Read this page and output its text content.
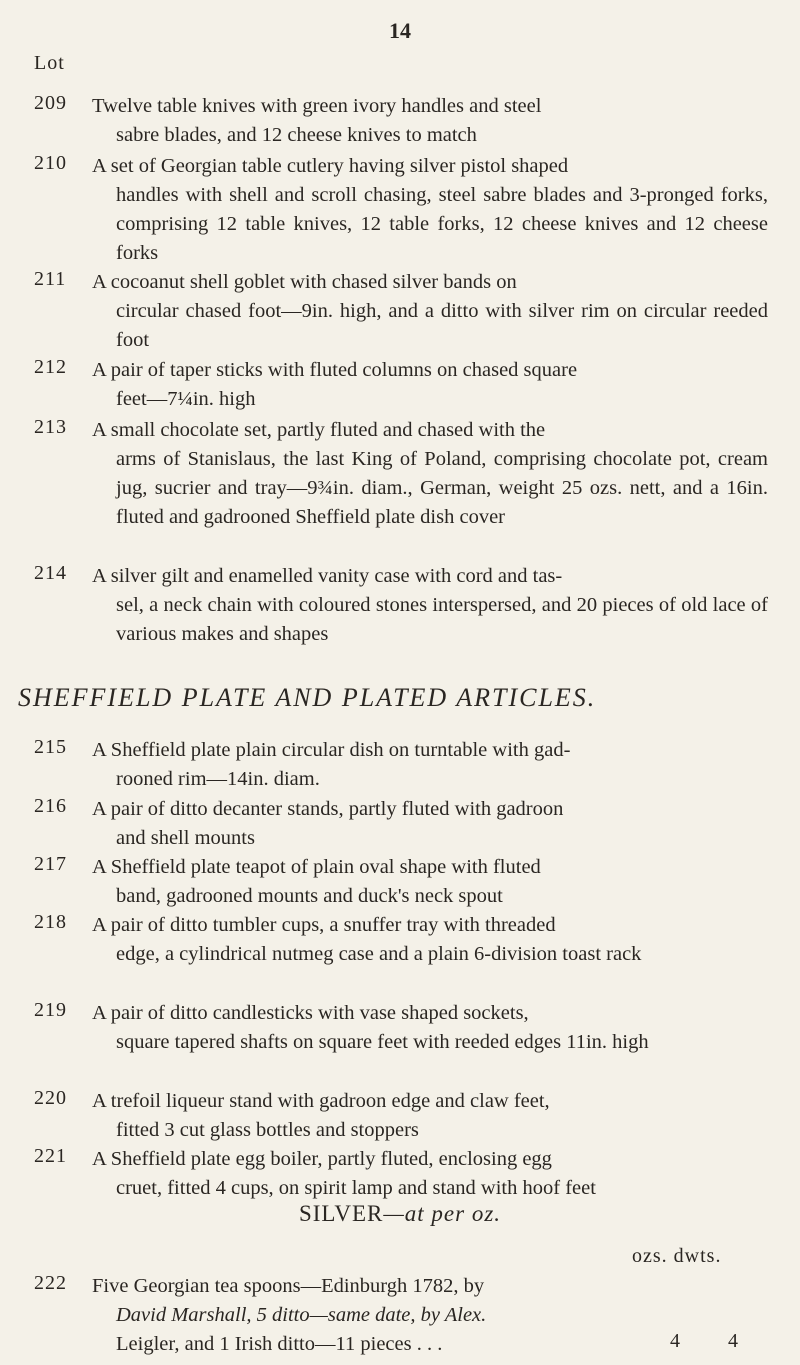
14
Lot
209 Twelve table knives with green ivory handles and steel
sabre blades, and 12 cheese knives to match
210 A set of Georgian table cutlery having silver pistol shaped
handles with shell and scroll chasing, steel sabre blades and 3-pronged forks, comprising 12 table knives, 12 table forks, 12 cheese knives and 12 cheese forks
211 A cocoanut shell goblet with chased silver bands on
circular chased foot—9in. high, and a ditto with silver rim on circular reeded foot
212 A pair of taper sticks with fluted columns on chased square
feet—7¼in. high
213 A small chocolate set, partly fluted and chased with the
arms of Stanislaus, the last King of Poland, comprising chocolate pot, cream jug, sucrier and tray—9¾in. diam., German, weight 25 ozs. nett, and a 16in. fluted and gadrooned Sheffield plate dish cover
214 A silver gilt and enamelled vanity case with cord and tas-
sel, a neck chain with coloured stones interspersed, and 20 pieces of old lace of various makes and shapes
SHEFFIELD PLATE AND PLATED ARTICLES.
215 A Sheffield plate plain circular dish on turntable with gad-
rooned rim—14in. diam.
216 A pair of ditto decanter stands, partly fluted with gadroon
and shell mounts
217 A Sheffield plate teapot of plain oval shape with fluted
band, gadrooned mounts and duck's neck spout
218 A pair of ditto tumbler cups, a snuffer tray with threaded
edge, a cylindrical nutmeg case and a plain 6-division toast rack
219 A pair of ditto candlesticks with vase shaped sockets,
square tapered shafts on square feet with reeded edges 11in. high
220 A trefoil liqueur stand with gadroon edge and claw feet,
fitted 3 cut glass bottles and stoppers
221 A Sheffield plate egg boiler, partly fluted, enclosing egg
cruet, fitted 4 cups, on spirit lamp and stand with hoof feet
SILVER—at per oz.
ozs. dwts.
222 Five Georgian tea spoons—Edinburgh 1782, by
David Marshall, 5 ditto—same date, by Alex.
Leigler, and 1 Irish ditto—11 pieces . . .	4 4
